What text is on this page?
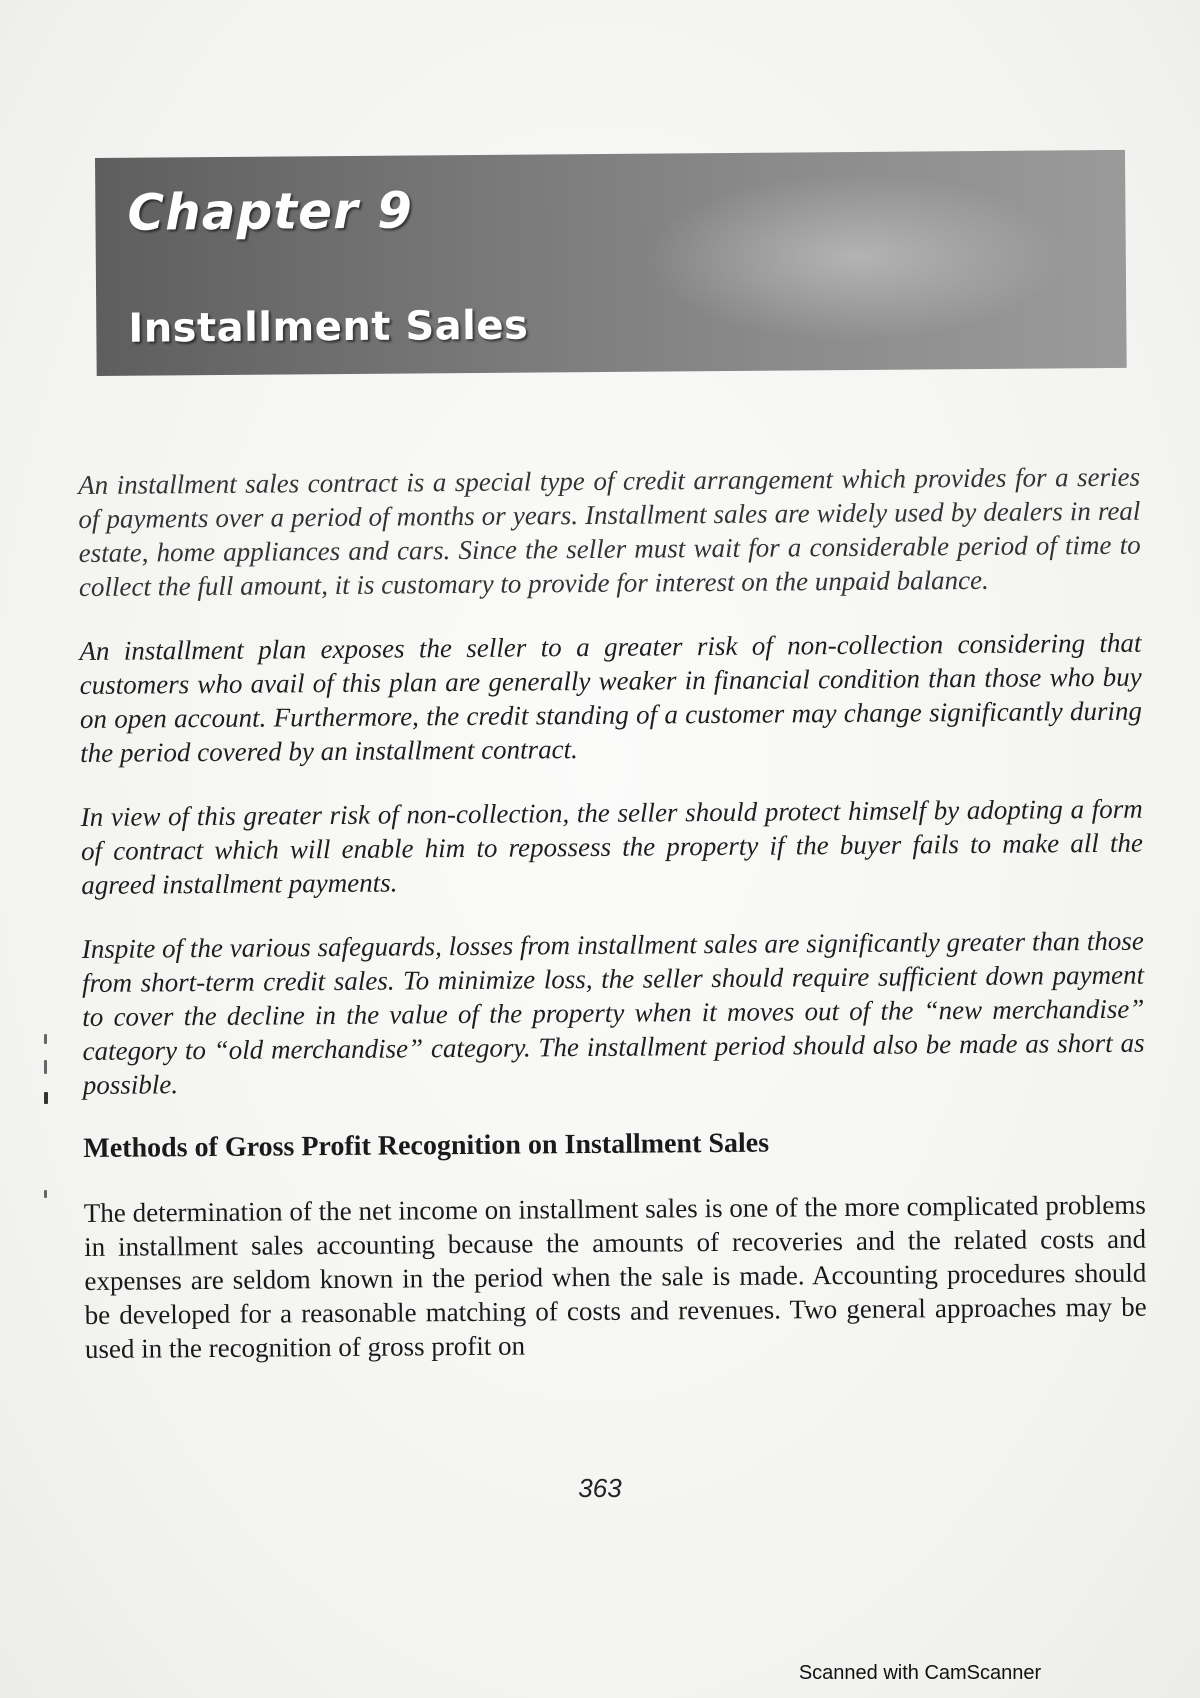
Chapter 9
Installment Sales

An installment sales contract is a special type of credit arrangement which provides for a series of payments over a period of months or years. Installment sales are widely used by dealers in real estate, home appliances and cars. Since the seller must wait for a considerable period of time to collect the full amount, it is customary to provide for interest on the unpaid balance.

An installment plan exposes the seller to a greater risk of non-collection considering that customers who avail of this plan are generally weaker in financial condition than those who buy on open account. Furthermore, the credit standing of a customer may change significantly during the period covered by an installment contract.

In view of this greater risk of non-collection, the seller should protect himself by adopting a form of contract which will enable him to repossess the property if the buyer fails to make all the agreed installment payments.

Inspite of the various safeguards, losses from installment sales are significantly greater than those from short-term credit sales. To minimize loss, the seller should require sufficient down payment to cover the decline in the value of the property when it moves out of the “new merchandise” category to “old merchandise” category. The installment period should also be made as short as possible.

Methods of Gross Profit Recognition on Installment Sales

The determination of the net income on installment sales is one of the more complicated problems in installment sales accounting because the amounts of recoveries and the related costs and expenses are seldom known in the period when the sale is made. Accounting procedures should be developed for a reasonable matching of costs and revenues. Two general approaches may be used in the recognition of gross profit on

363
Scanned with CamScanner
